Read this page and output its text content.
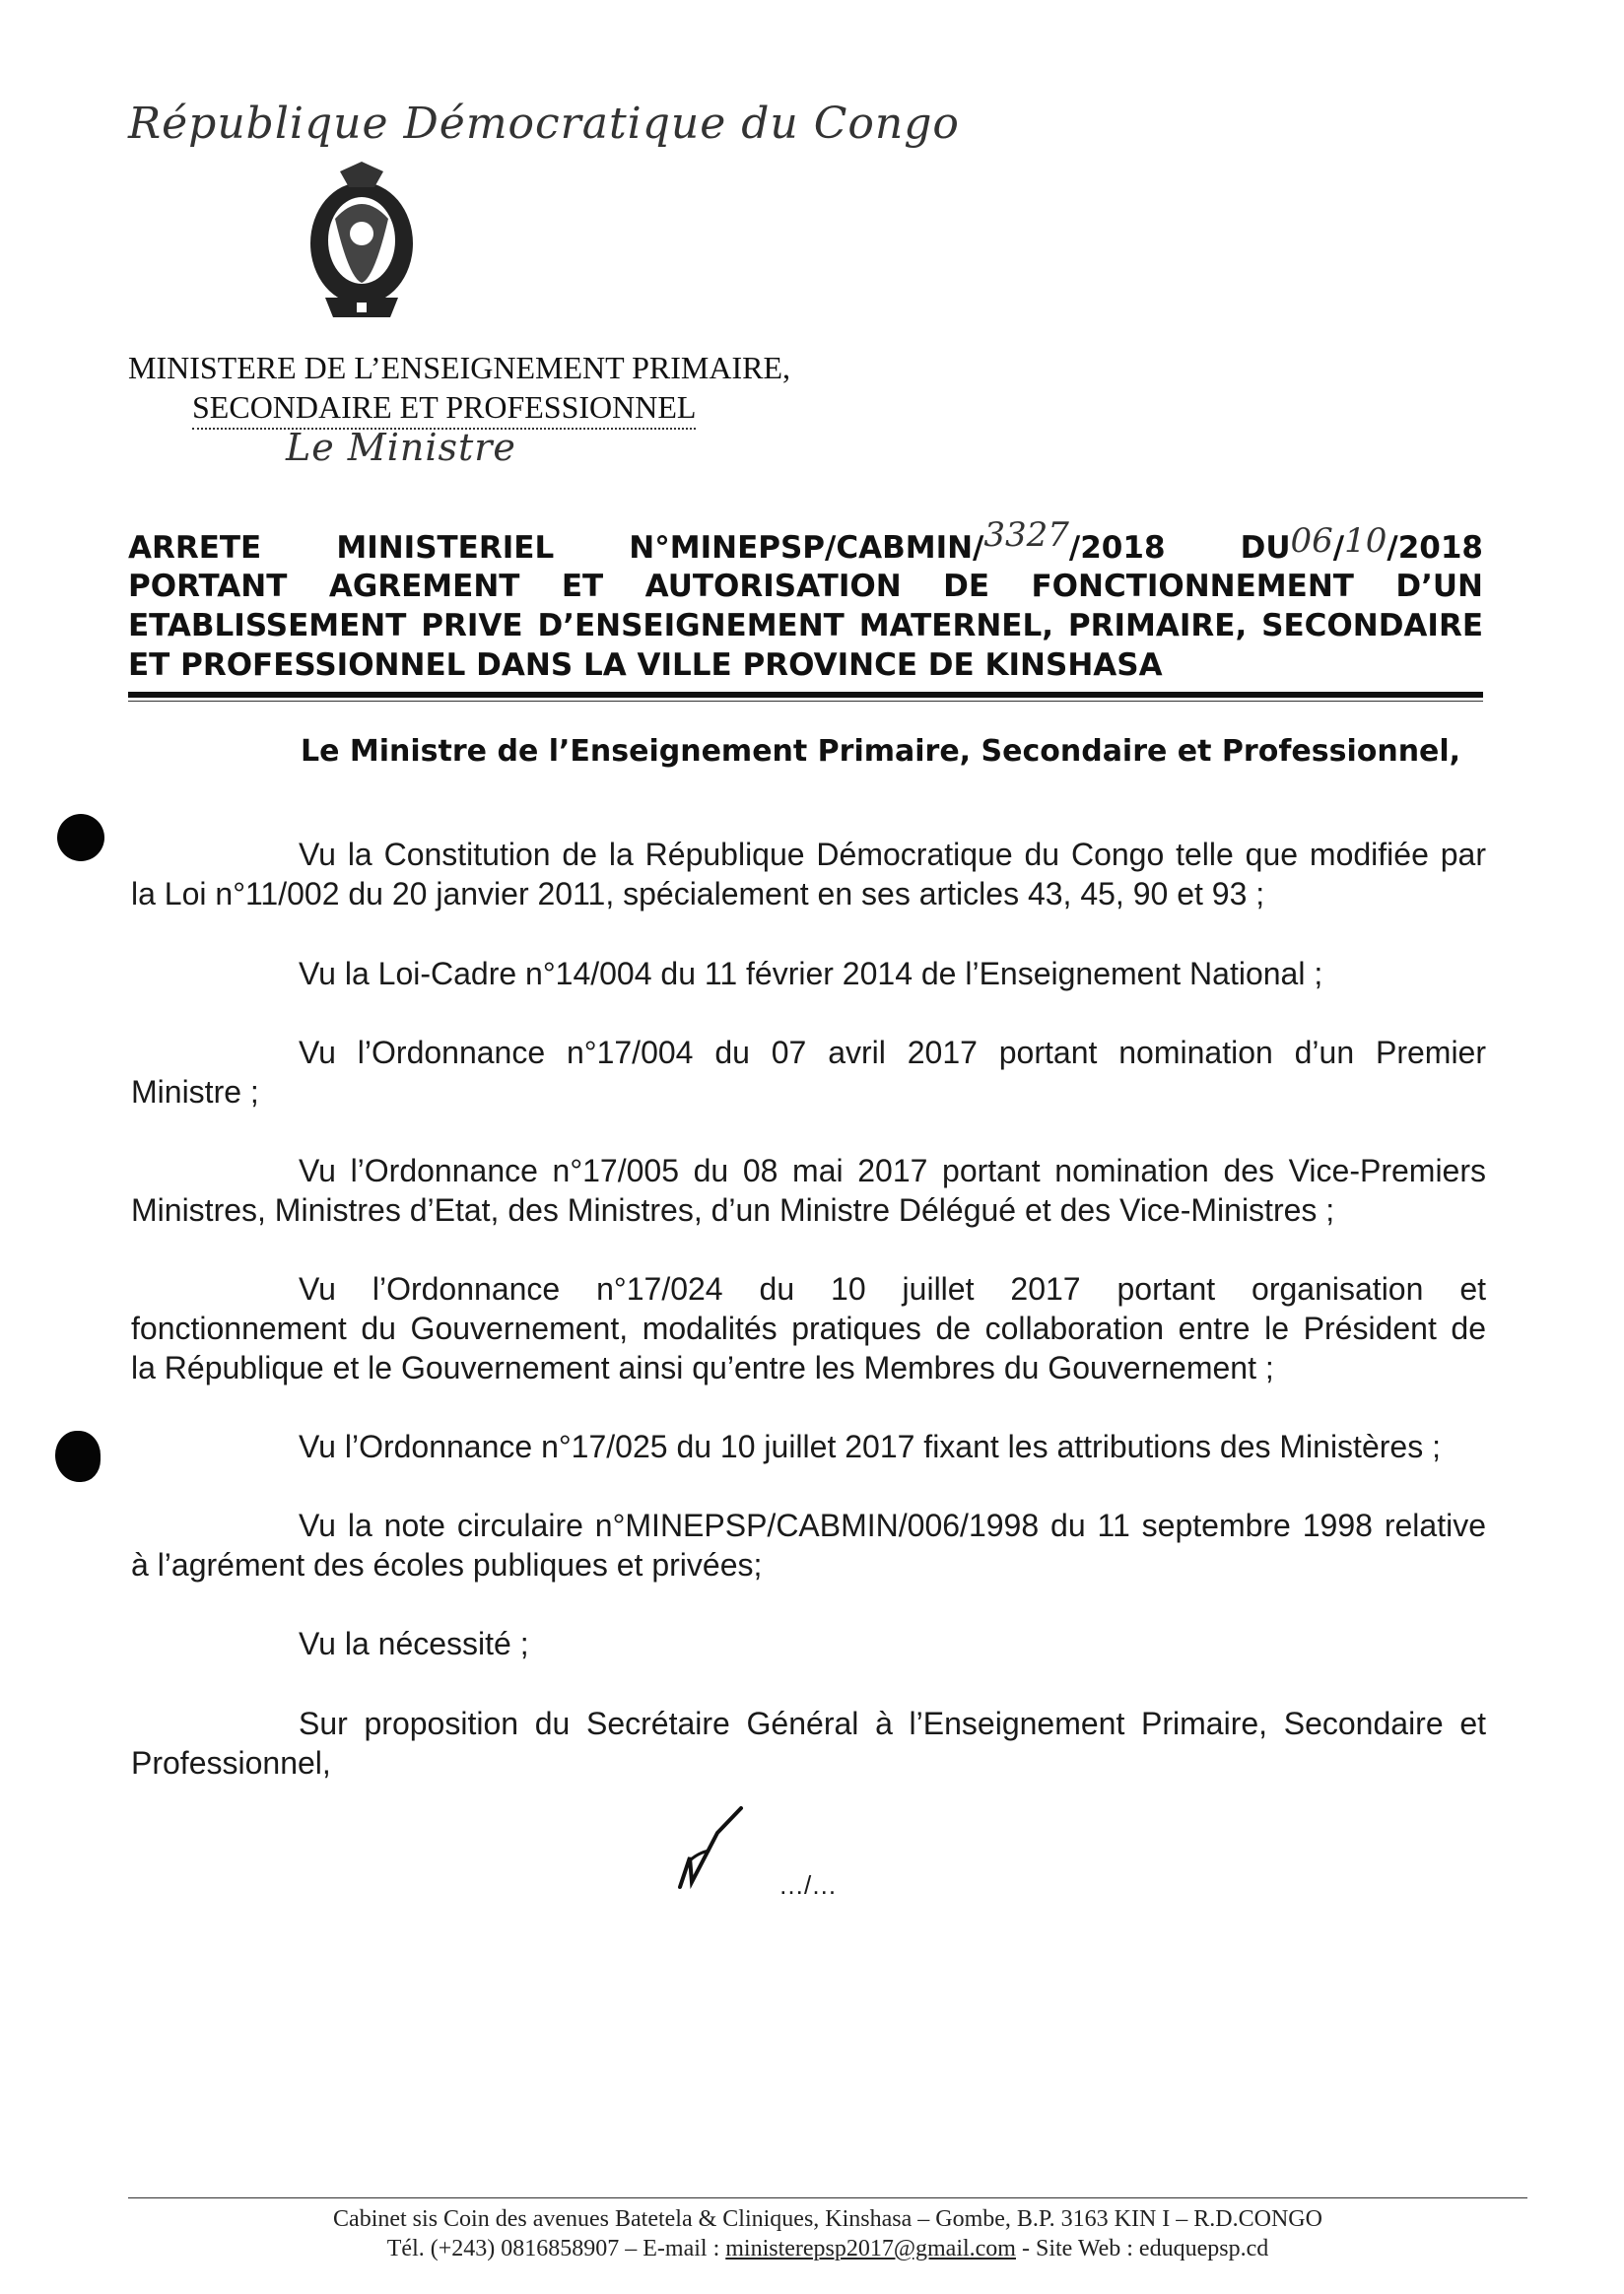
République Démocratique du Congo
MINISTERE DE L’ENSEIGNEMENT PRIMAIRE,
SECONDAIRE ET PROFESSIONNEL
Le Ministre
ARRETE MINISTERIEL N°MINEPSP/CABMIN/3327/2018 DU06/10/2018
PORTANT AGREMENT ET AUTORISATION DE FONCTIONNEMENT D’UN
ETABLISSEMENT PRIVE D’ENSEIGNEMENT MATERNEL, PRIMAIRE, SECONDAIRE
ET PROFESSIONNEL DANS LA VILLE PROVINCE DE KINSHASA
Le Ministre de l’Enseignement Primaire, Secondaire et Professionnel,
Vu la Constitution de la République Démocratique du Congo telle que modifiée par
la Loi n°11/002 du 20 janvier 2011, spécialement en ses articles 43, 45, 90 et 93 ;
Vu la Loi-Cadre n°14/004 du 11 février 2014 de l’Enseignement National ;
Vu l’Ordonnance n°17/004 du 07 avril 2017 portant nomination d’un Premier
Ministre ;
Vu l’Ordonnance n°17/005 du 08 mai 2017 portant nomination des Vice-Premiers
Ministres, Ministres d’Etat, des Ministres, d’un Ministre Délégué et des Vice-Ministres ;
Vu l’Ordonnance n°17/024 du 10 juillet 2017 portant organisation et
fonctionnement du Gouvernement, modalités pratiques de collaboration entre le Président de
la République et le Gouvernement ainsi qu’entre les Membres du Gouvernement ;
Vu l’Ordonnance n°17/025 du 10 juillet 2017 fixant les attributions des Ministères ;
Vu la note circulaire n°MINEPSP/CABMIN/006/1998 du 11 septembre 1998 relative
à l’agrément des écoles publiques et privées;
Vu la nécessité ;
Sur proposition du Secrétaire Général à l’Enseignement Primaire, Secondaire et
Professionnel,
…/…
Cabinet sis Coin des avenues Batetela & Cliniques, Kinshasa – Gombe, B.P. 3163 KIN I – R.D.CONGO
Tél. (+243) 0816858907 – E-mail : ministerepsp2017@gmail.com - Site Web : eduquepsp.cd
